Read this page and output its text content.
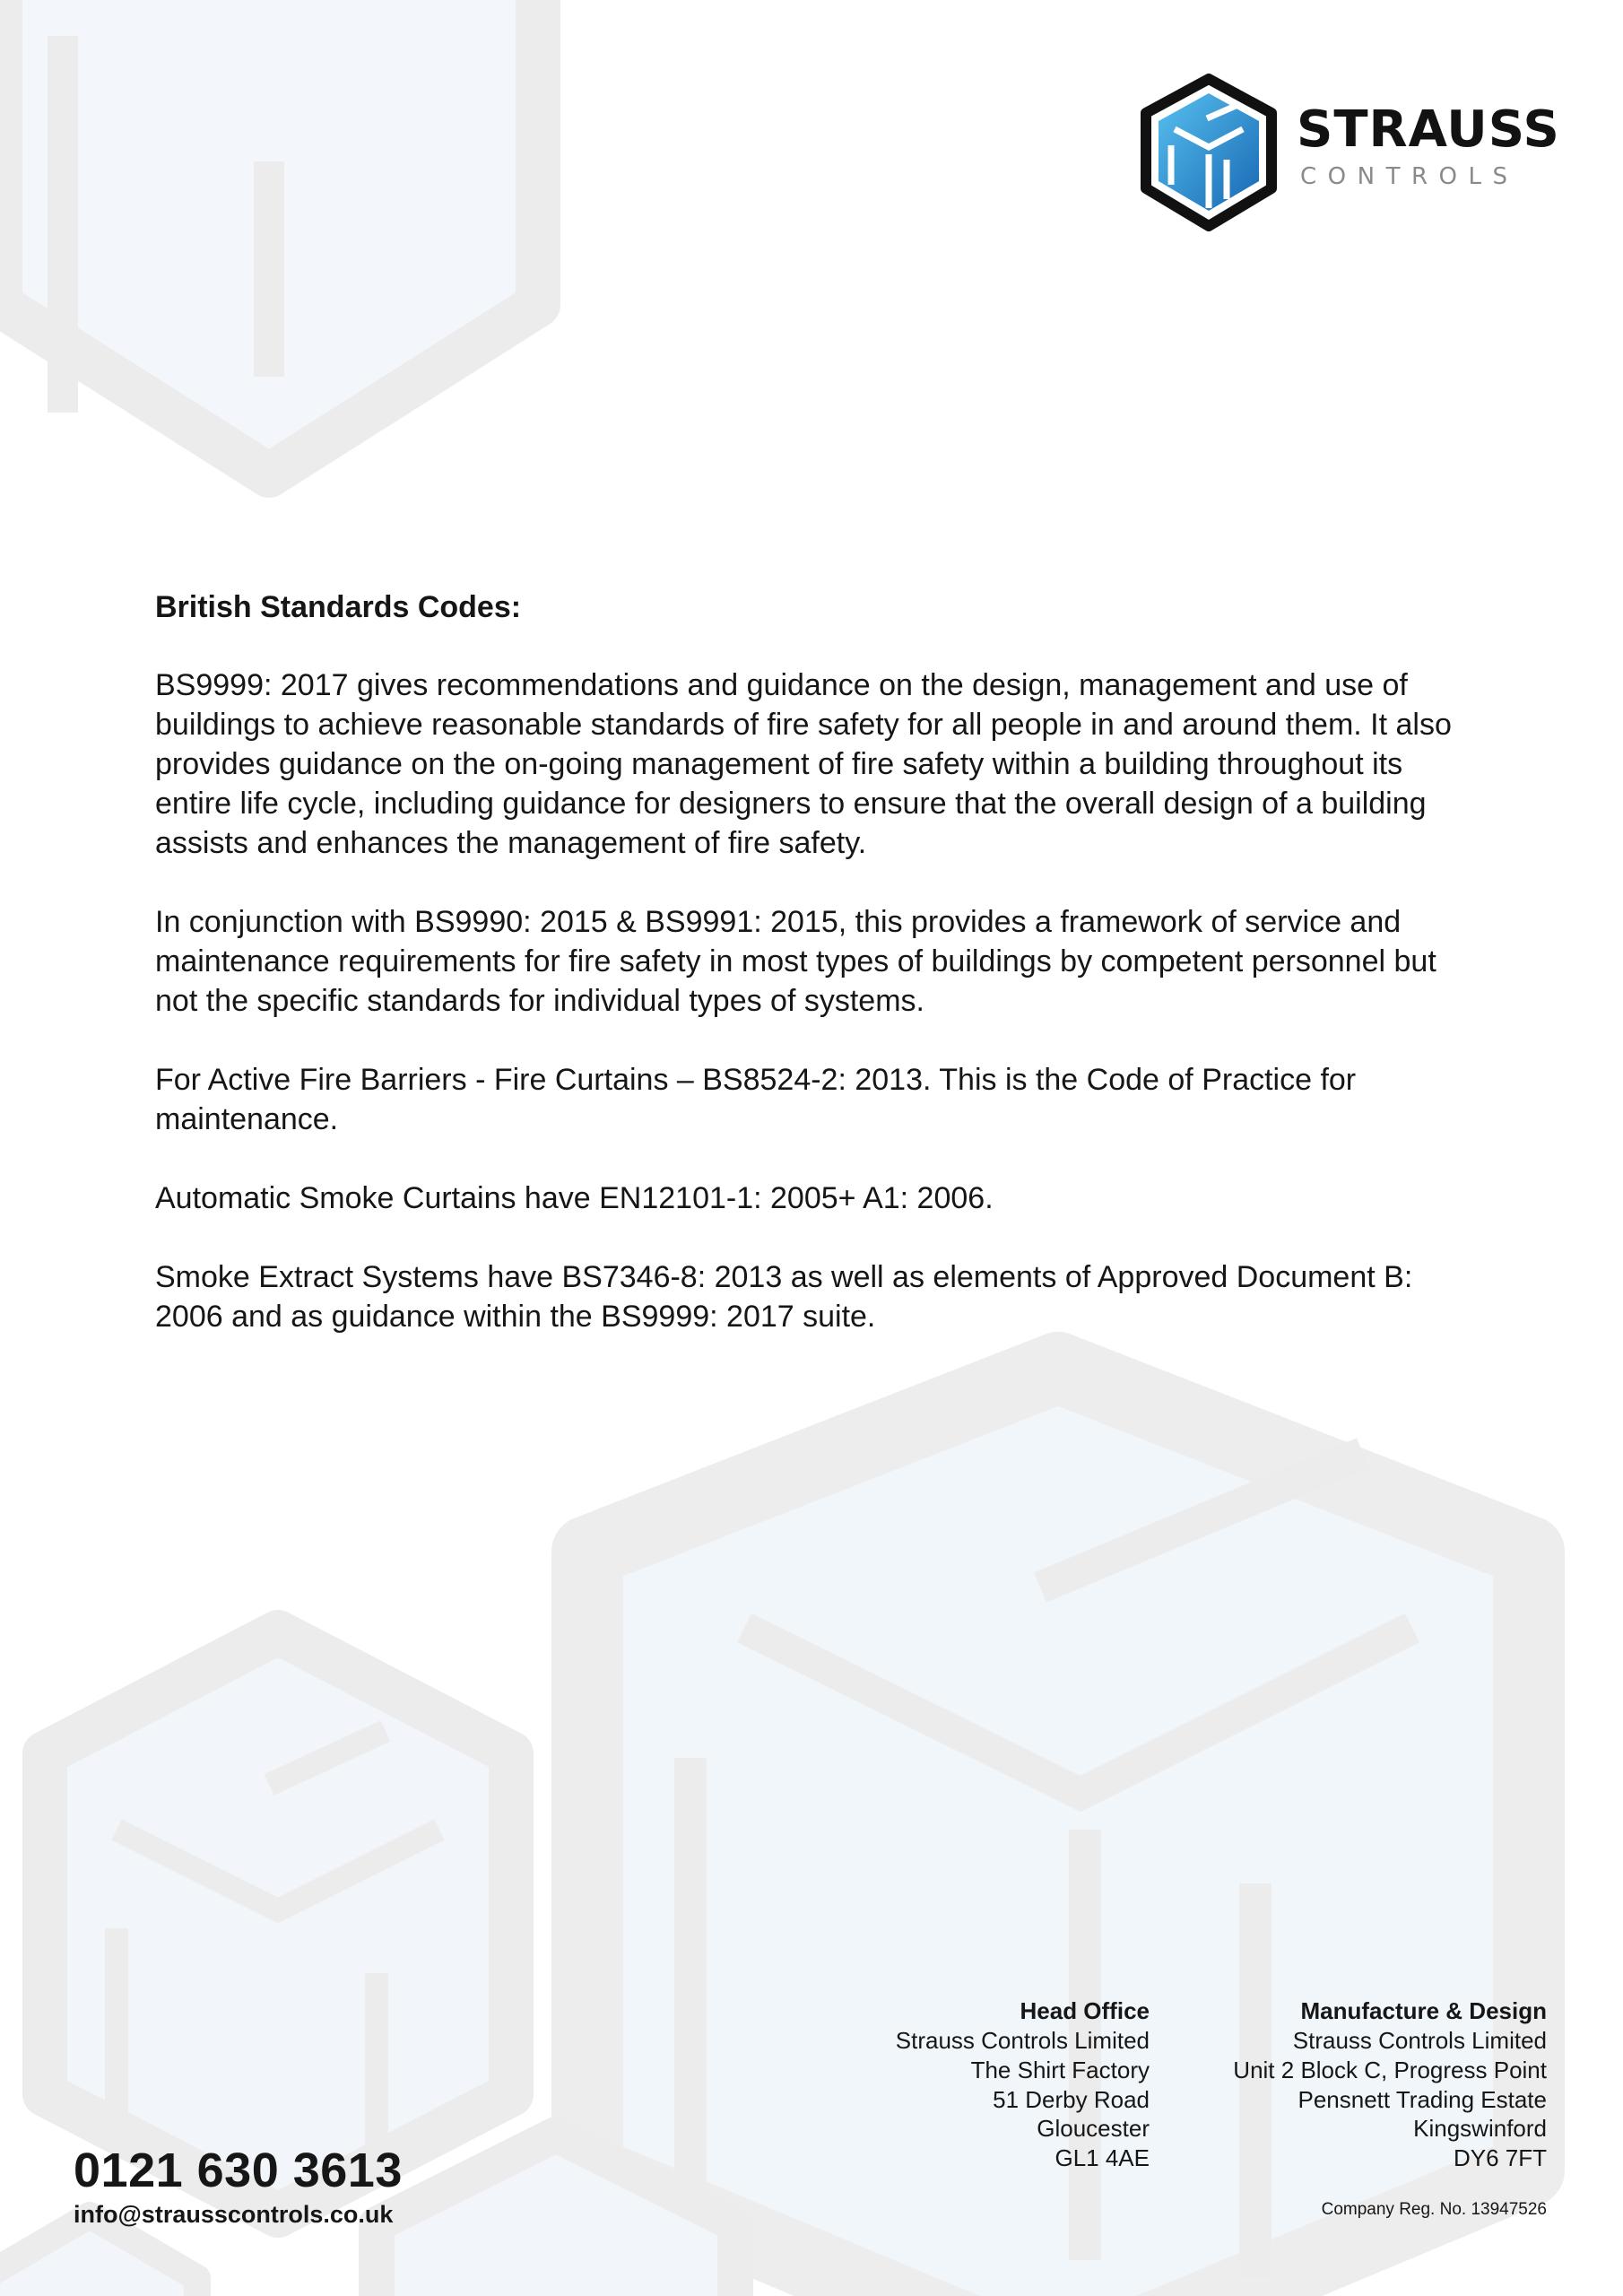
STRAUSS

CONTROLS

British Standards Codes:

BS9999: 2017 gives recommendations and guidance on the design, management and use of buildings to achieve reasonable standards of fire safety for all people in and around them. It also provides guidance on the on-going management of fire safety within a building throughout its entire life cycle, including guidance for designers to ensure that the overall design of a building assists and enhances the management of fire safety.

In conjunction with BS9990: 2015 & BS9991: 2015, this provides a framework of service and maintenance requirements for fire safety in most types of buildings by competent personnel but not the specific standards for individual types of systems.

For Active Fire Barriers - Fire Curtains – BS8524-2: 2013. This is the Code of Practice for maintenance.

Automatic Smoke Curtains have EN12101-1: 2005+ A1: 2006.

Smoke Extract Systems have BS7346-8: 2013 as well as elements of Approved Document B: 2006 and as guidance within the BS9999: 2017 suite.

0121 630 3613

info@strausscontrols.co.uk

Head Office

Strauss Controls Limited

The Shirt Factory

51 Derby Road

Gloucester

GL1 4AE

Manufacture & Design

Strauss Controls Limited

Unit 2 Block C, Progress Point

Pensnett Trading Estate

Kingswinford

DY6 7FT

Company Reg. No. 13947526
